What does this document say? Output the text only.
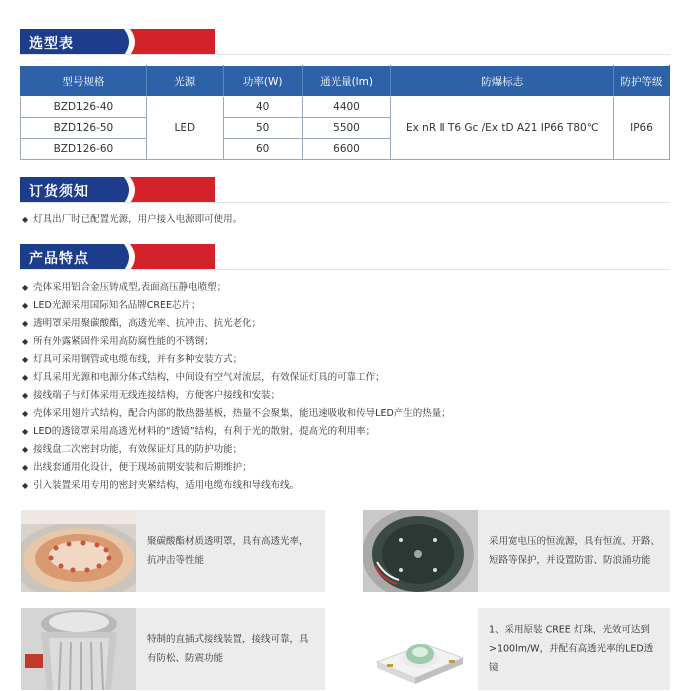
选型表
型号规格	光源	功率(W)	通光量(lm)	防爆标志	防护等级
BZD126-40	LED	40	4400	Ex nR Ⅱ T6 Gc /Ex tD A21 IP66 T80℃	IP66
BZD126-50		50	5500		
BZD126-60		60	6600		
订货须知
◆ 灯具出厂时已配置光源，用户接入电源即可使用。
产品特点
◆ 壳体采用铝合金压铸成型,表面高压静电喷塑；
◆ LED光源采用国际知名品牌CREE芯片；
◆ 透明罩采用聚碳酸酯，高透光率、抗冲击、抗光老化；
◆ 所有外露紧固件采用高防腐性能的不锈钢；
◆ 灯具可采用钢管或电缆布线，并有多种安装方式；
◆ 灯具采用光源和电源分体式结构，中间设有空气对流层，有效保证灯具的可靠工作；
◆ 接线端子与灯体采用无线连接结构，方便客户接线和安装；
◆ 壳体采用翅片式结构，配合内部的散热器基板，热量不会聚集，能迅速吸收和传导LED产生的热量；
◆ LED的透镜罩采用高透光材料的“透镜”结构，有利于光的散射，提高光的利用率；
◆ 接线盘二次密封功能，有效保证灯具的防护功能；
◆ 出线套通用化设计，便于现场前期安装和后期维护；
◆ 引入装置采用专用的密封夹紧结构，适用电缆布线和导线布线。
聚碳酸酯材质透明罩，具有高透光率，抗冲击等性能
采用宽电压的恒流源，具有恒流、开路、短路等保护，并设置防雷、防浪涌功能
特制的直插式接线装置，接线可靠，具有防松、防震功能
1、采用原装 CREE 灯珠，光效可达到>100lm/W，并配有高透光率的LED透镜
